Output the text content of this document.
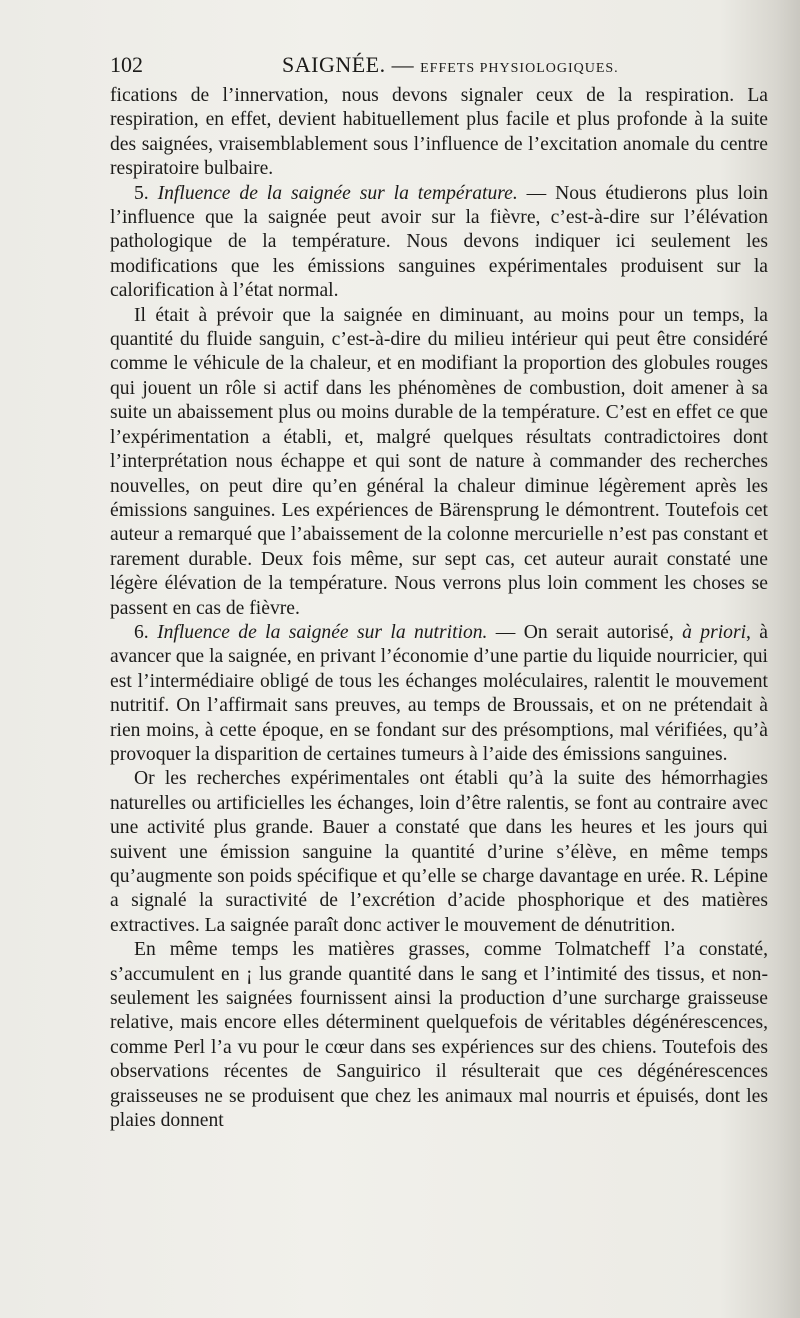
102	SAIGNÉE. — EFFETS PHYSIOLOGIQUES.

fications de l’innervation, nous devons signaler ceux de la respiration. La respiration, en effet, devient habituellement plus facile et plus profonde à la suite des saignées, vraisemblablement sous l’influence de l’excitation anomale du centre respiratoire bulbaire.

5. Influence de la saignée sur la température. — Nous étudierons plus loin l’influence que la saignée peut avoir sur la fièvre, c’est-à-dire sur l’élévation pathologique de la température. Nous devons indiquer ici seulement les modifications que les émissions sanguines expérimentales produisent sur la calorification à l’état normal.

Il était à prévoir que la saignée en diminuant, au moins pour un temps, la quantité du fluide sanguin, c’est-à-dire du milieu intérieur qui peut être considéré comme le véhicule de la chaleur, et en modifiant la proportion des globules rouges qui jouent un rôle si actif dans les phénomènes de combustion, doit amener à sa suite un abaissement plus ou moins durable de la température. C’est en effet ce que l’expérimentation a établi, et, malgré quelques résultats contradictoires dont l’interprétation nous échappe et qui sont de nature à commander des recherches nouvelles, on peut dire qu’en général la chaleur diminue légèrement après les émissions sanguines. Les expériences de Bärensprung le démontrent. Toutefois cet auteur a remarqué que l’abaissement de la colonne mercurielle n’est pas constant et rarement durable. Deux fois même, sur sept cas, cet auteur aurait constaté une légère élévation de la température. Nous verrons plus loin comment les choses se passent en cas de fièvre.

6. Influence de la saignée sur la nutrition. — On serait autorisé, à priori, à avancer que la saignée, en privant l’économie d’une partie du liquide nourricier, qui est l’intermédiaire obligé de tous les échanges moléculaires, ralentit le mouvement nutritif. On l’affirmait sans preuves, au temps de Broussais, et on ne prétendait à rien moins, à cette époque, en se fondant sur des présomptions, mal vérifiées, qu’à provoquer la disparition de certaines tumeurs à l’aide des émissions sanguines.

Or les recherches expérimentales ont établi qu’à la suite des hémorrhagies naturelles ou artificielles les échanges, loin d’être ralentis, se font au contraire avec une activité plus grande. Bauer a constaté que dans les heures et les jours qui suivent une émission sanguine la quantité d’urine s’élève, en même temps qu’augmente son poids spécifique et qu’elle se charge davantage en urée. R. Lépine a signalé la suractivité de l’excrétion d’acide phosphorique et des matières extractives. La saignée paraît donc activer le mouvement de dénutrition.

En même temps les matières grasses, comme Tolmatcheff l’a constaté, s’accumulent en ¡ lus grande quantité dans le sang et l’intimité des tissus, et non-seulement les saignées fournissent ainsi la production d’une surcharge graisseuse relative, mais encore elles déterminent quelquefois de véritables dégénérescences, comme Perl l’a vu pour le cœur dans ses expériences sur des chiens. Toutefois des observations récentes de Sanguirico il résulterait que ces dégénérescences graisseuses ne se produisent que chez les animaux mal nourris et épuisés, dont les plaies donnent
